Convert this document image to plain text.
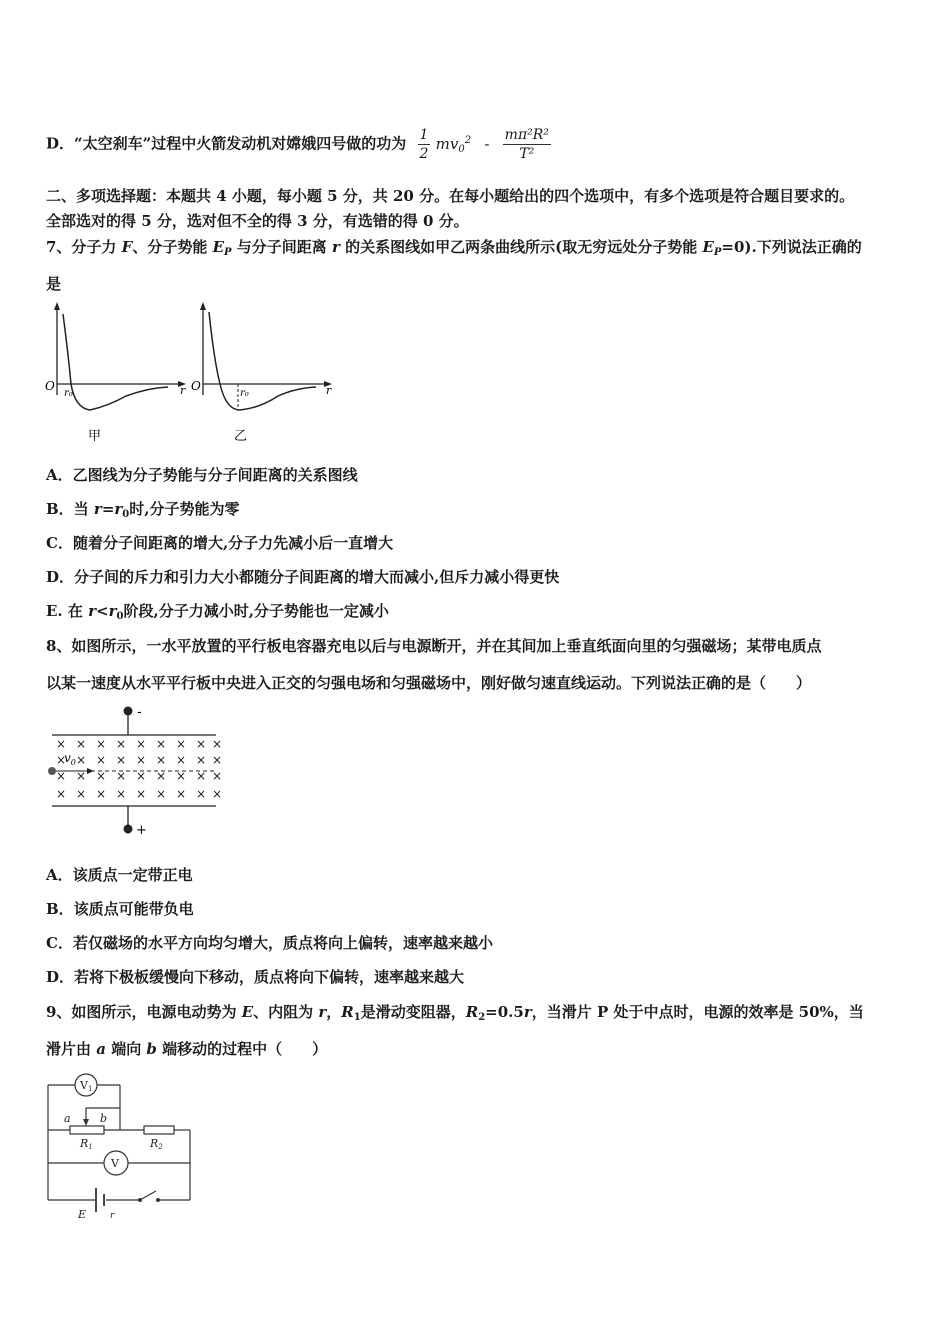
D．“太空刹车”过程中火箭发动机对嫦娥四号做的功为 $\frac{1}{2} mv_0^2 - \frac{\text{mπ²R²}}{\text{T²}}$
二、多项选择题：本题共 4 小题，每小题 5 分，共 20 分。在每小题给出的四个选项中，有多个选项是符合题目要求的。
全部选对的得 5 分，选对但不全的得 3 分，有选错的得 0 分。
7、分子力 F、分子势能 $E_P$ 与分子间距离 r 的关系图线如甲乙两条曲线所示(取无穷远处分子势能 $E_P=0$).下列说法正确的
是
O
r₀	r
甲
O
r₀	r
乙
A．乙图线为分子势能与分子间距离的关系图线
B．当 $r=r_0$时,分子势能为零
C．随着分子间距离的增大,分子力先减小后一直增大
D．分子间的斥力和引力大小都随分子间距离的增大而减小,但斥力减小得更快
E. 在 $r<r_0$阶段,分子力减小时,分子势能也一定减小
8、如图所示，一水平放置的平行板电容器充电以后与电源断开，并在其间加上垂直纸面向里的匀强磁场；某带电质点
以某一速度从水平平行板中央进入正交的匀强电场和匀强磁场中，刚好做匀速直线运动。下列说法正确的是（　　）
-
+
$v_0$
× × × × × × × × ×
× × × × × × × × ×
× × × × × × × × ×
× × × × × × × × ×
A．该质点一定带正电
B．该质点可能带负电
C．若仅磁场的水平方向均匀增大，质点将向上偏转，速率越来越小
D．若将下极板缓慢向下移动，质点将向下偏转，速率越来越大
9、如图所示，电源电动势为 E、内阻为 r，$R_1$是滑动变阻器，$R_2=0.5r$，当滑片 P 处于中点时，电源的效率是 50%，当
滑片由 a 端向 b 端移动的过程中（　　）
V1
V
a	b
R1	R2
E	r
